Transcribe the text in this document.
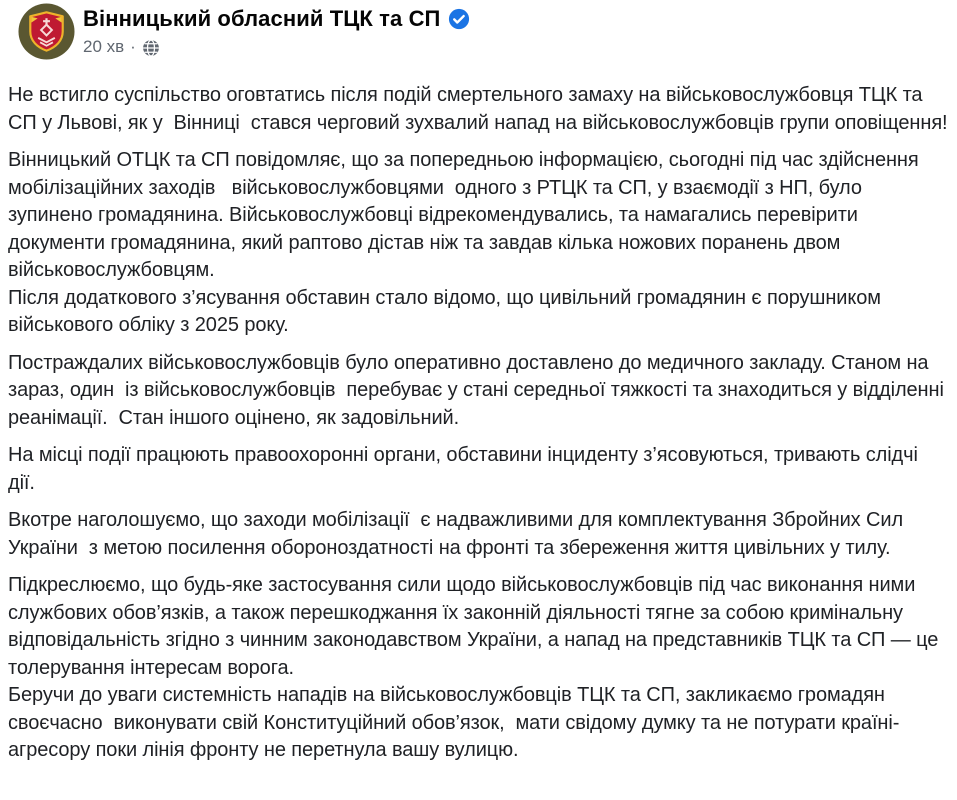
Вінницький обласний ТЦК та СП
20 хв ·

Не встигло суспільство оговтатись після подій смертельного замаху на військовослужбовця ТЦК та СП у Львові, як у  Вінниці  стався черговий зухвалий напад на військовослужбовців групи оповіщення!

Вінницький ОТЦК та СП повідомляє, що за попередньою інформацією, сьогодні під час здійснення мобілізаційних заходів   військовослужбовцями  одного з РТЦК та СП, у взаємодії з НП, було зупинено громадянина. Військовослужбовці відрекомендувались, та намагались перевірити документи громадянина, який раптово дістав ніж та завдав кілька ножових поранень двом військовослужбовцям.

Після додаткового з’ясування обставин стало відомо, що цивільний громадянин є порушником військового обліку з 2025 року.

Постраждалих військовослужбовців було оперативно доставлено до медичного закладу. Станом на зараз, один  із військовослужбовців  перебуває у стані середньої тяжкості та знаходиться у відділенні реанімації.  Стан іншого оцінено, як задовільний.

На місці події працюють правоохоронні органи, обставини інциденту з’ясовуються, тривають слідчі дії.

Вкотре наголошуємо, що заходи мобілізації  є надважливими для комплектування Збройних Сил України  з метою посилення обороноздатності на фронті та збереження життя цивільних у тилу.

Підкреслюємо, що будь-яке застосування сили щодо військовослужбовців під час виконання ними службових обов’язків, а також перешкоджання їх законній діяльності тягне за собою кримінальну відповідальність згідно з чинним законодавством України, а напад на представників ТЦК та СП — це толерування інтересам ворога.

Беручи до уваги системність нападів на військовослужбовців ТЦК та СП, закликаємо громадян своєчасно  виконувати свій Конституційний обов’язок,  мати свідому думку та не потурати країні-агресору поки лінія фронту не перетнула вашу вулицю.
